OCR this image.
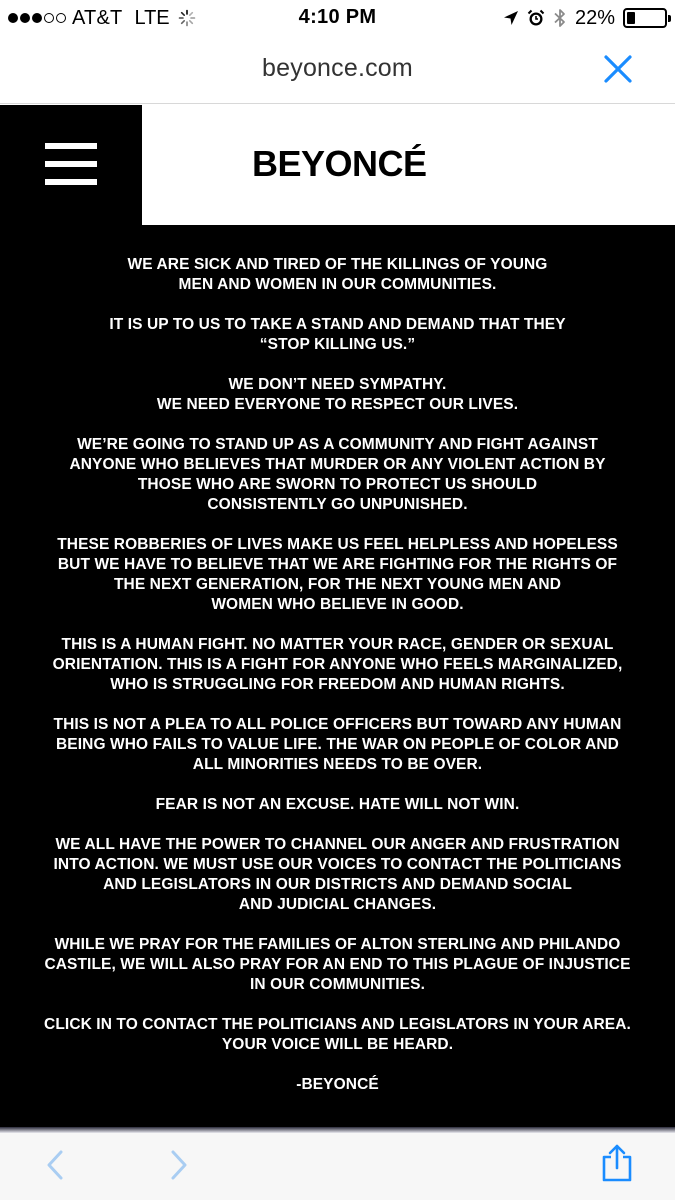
AT&T LTE	4:10 PM	22%
beyonce.com
BEYONCÉ

WE ARE SICK AND TIRED OF THE KILLINGS OF YOUNG
MEN AND WOMEN IN OUR COMMUNITIES.

IT IS UP TO US TO TAKE A STAND AND DEMAND THAT THEY
“STOP KILLING US.”

WE DON’T NEED SYMPATHY.
WE NEED EVERYONE TO RESPECT OUR LIVES.

WE’RE GOING TO STAND UP AS A COMMUNITY AND FIGHT AGAINST
ANYONE WHO BELIEVES THAT MURDER OR ANY VIOLENT ACTION BY
THOSE WHO ARE SWORN TO PROTECT US SHOULD
CONSISTENTLY GO UNPUNISHED.

THESE ROBBERIES OF LIVES MAKE US FEEL HELPLESS AND HOPELESS
BUT WE HAVE TO BELIEVE THAT WE ARE FIGHTING FOR THE RIGHTS OF
THE NEXT GENERATION, FOR THE NEXT YOUNG MEN AND
WOMEN WHO BELIEVE IN GOOD.

THIS IS A HUMAN FIGHT. NO MATTER YOUR RACE, GENDER OR SEXUAL
ORIENTATION. THIS IS A FIGHT FOR ANYONE WHO FEELS MARGINALIZED,
WHO IS STRUGGLING FOR FREEDOM AND HUMAN RIGHTS.

THIS IS NOT A PLEA TO ALL POLICE OFFICERS BUT TOWARD ANY HUMAN
BEING WHO FAILS TO VALUE LIFE. THE WAR ON PEOPLE OF COLOR AND
ALL MINORITIES NEEDS TO BE OVER.

FEAR IS NOT AN EXCUSE. HATE WILL NOT WIN.

WE ALL HAVE THE POWER TO CHANNEL OUR ANGER AND FRUSTRATION
INTO ACTION. WE MUST USE OUR VOICES TO CONTACT THE POLITICIANS
AND LEGISLATORS IN OUR DISTRICTS AND DEMAND SOCIAL
AND JUDICIAL CHANGES.

WHILE WE PRAY FOR THE FAMILIES OF ALTON STERLING AND PHILANDO
CASTILE, WE WILL ALSO PRAY FOR AN END TO THIS PLAGUE OF INJUSTICE
IN OUR COMMUNITIES.

CLICK IN TO CONTACT THE POLITICIANS AND LEGISLATORS IN YOUR AREA.
YOUR VOICE WILL BE HEARD.

-BEYONCÉ
